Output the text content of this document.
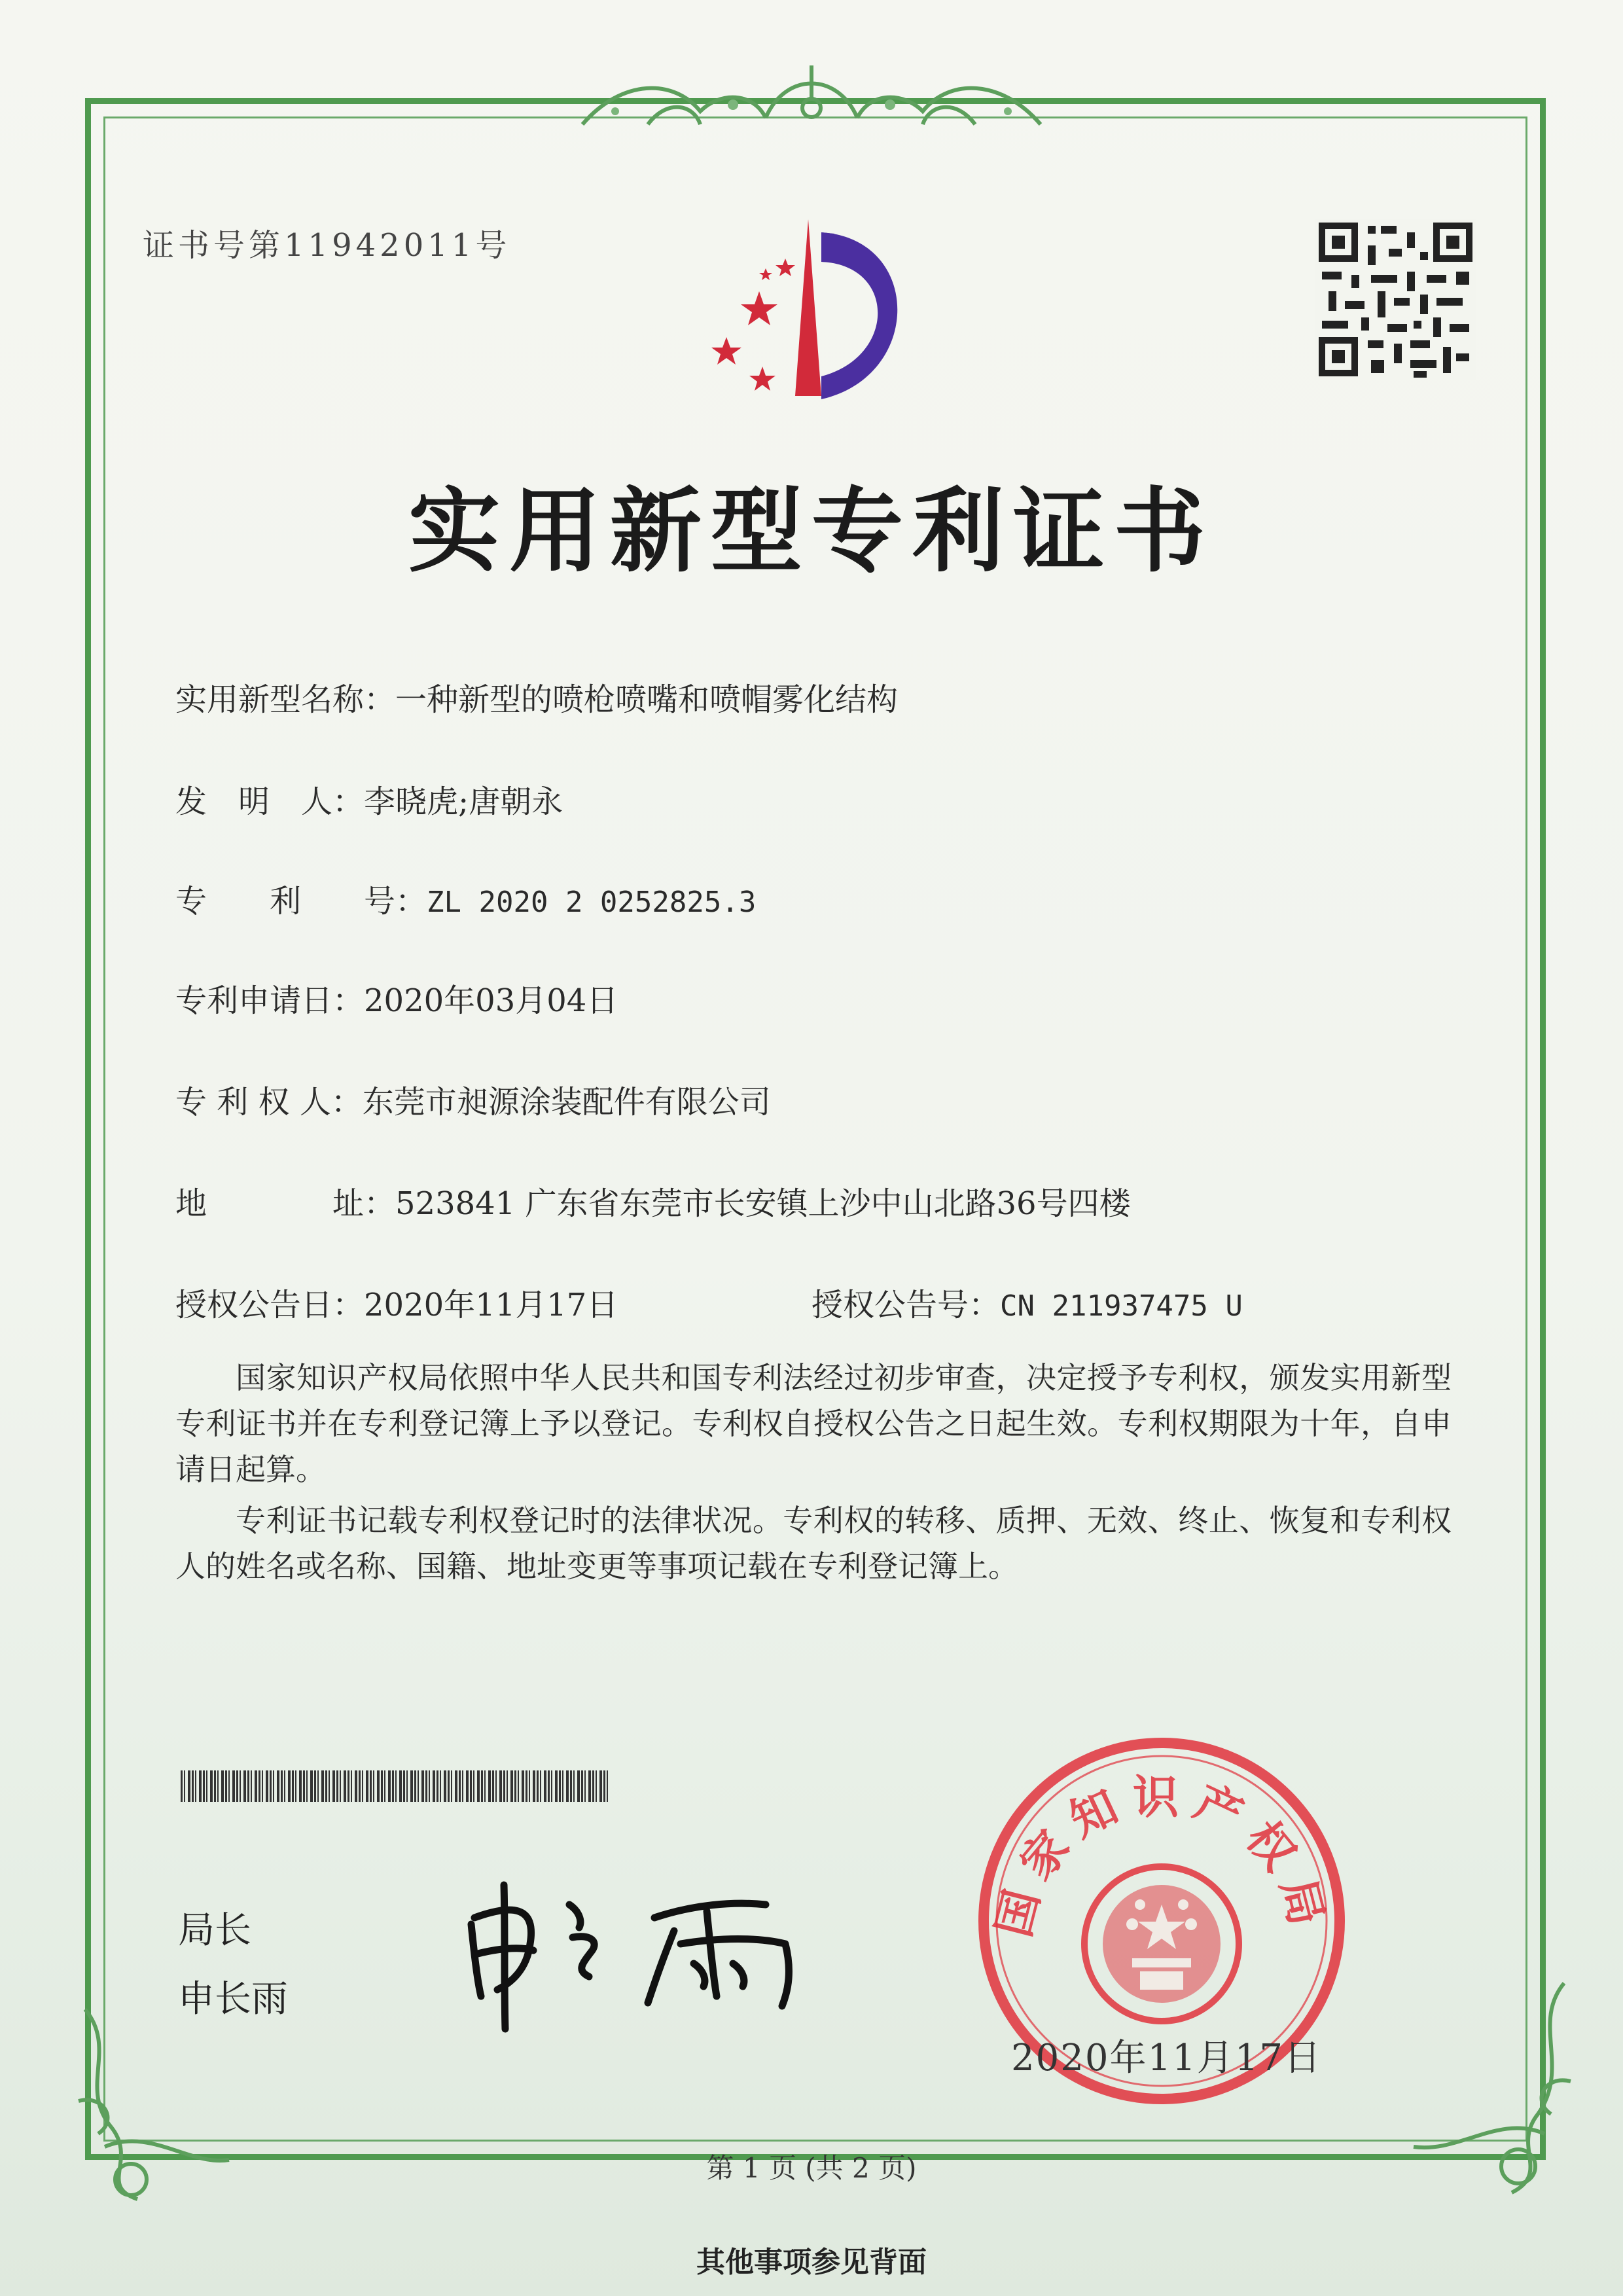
证书号第11942011号
实用新型专利证书
实用新型名称：一种新型的喷枪喷嘴和喷帽雾化结构
发　明　人：李晓虎;唐朝永
专　　利　　号：ZL 2020 2 0252825.3
专利申请日：2020年03月04日
专 利 权 人：东莞市昶源涂装配件有限公司
地　　　　址：523841 广东省东莞市长安镇上沙中山北路36号四楼
授权公告日：2020年11月17日	授权公告号：CN 211937475 U

国家知识产权局依照中华人民共和国专利法经过初步审查，决定授予专利权，颁发实用新型专利证书并在专利登记簿上予以登记。专利权自授权公告之日起生效。专利权期限为十年，自申请日起算。

专利证书记载专利权登记时的法律状况。专利权的转移、质押、无效、终止、恢复和专利权人的姓名或名称、国籍、地址变更等事项记载在专利登记簿上。

局长
申长雨
国家知识产权局
2020年11月17日
第 1 页 (共 2 页)
其他事项参见背面
